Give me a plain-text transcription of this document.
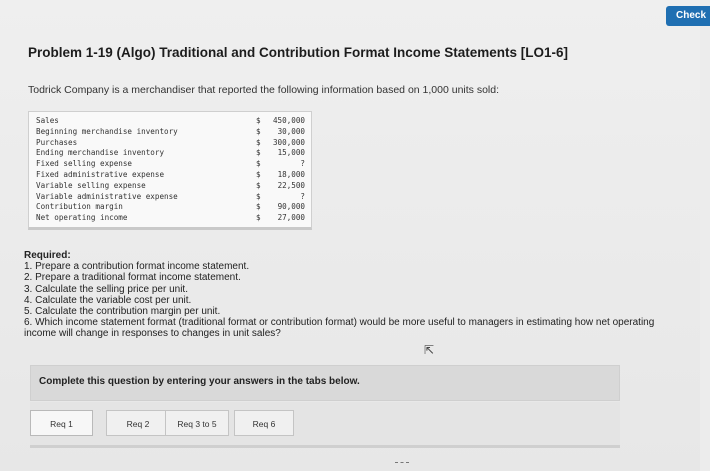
Check
Problem 1-19 (Algo) Traditional and Contribution Format Income Statements [LO1-6]
Todrick Company is a merchandiser that reported the following information based on 1,000 units sold:
Sales	$	450,000
Beginning merchandise inventory	$	30,000
Purchases	$	300,000
Ending merchandise inventory	$	15,000
Fixed selling expense	$	?
Fixed administrative expense	$	18,000
Variable selling expense	$	22,500
Variable administrative expense	$	?
Contribution margin	$	90,000
Net operating income	$	27,000
Required:
1. Prepare a contribution format income statement.
2. Prepare a traditional format income statement.
3. Calculate the selling price per unit.
4. Calculate the variable cost per unit.
5. Calculate the contribution margin per unit.
6. Which income statement format (traditional format or contribution format) would be more useful to managers in estimating how net operating income will change in responses to changes in unit sales?
⇱
Complete this question by entering your answers in the tabs below.
Req 1	Req 2	Req 3 to 5	Req 6
